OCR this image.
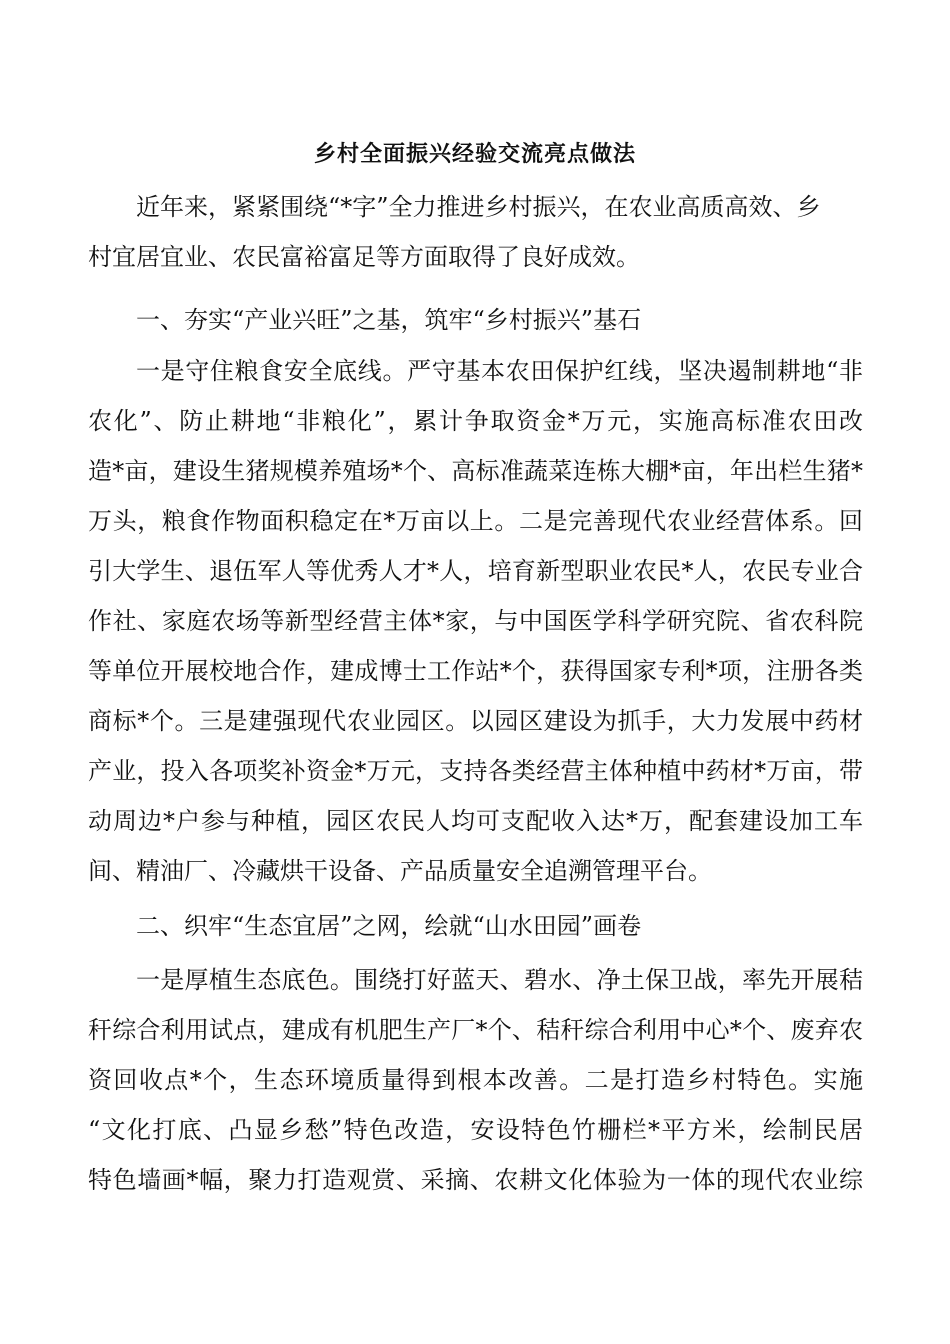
乡村全面振兴经验交流亮点做法
近年来，紧紧围绕“*字”全力推进乡村振兴，在农业高质高效、乡
村宜居宜业、农民富裕富足等方面取得了良好成效。
一、夯实“产业兴旺”之基，筑牢“乡村振兴”基石
一是守住粮食安全底线。严守基本农田保护红线，坚决遏制耕地“非
农化”、防止耕地“非粮化”，累计争取资金*万元，实施高标准农田改
造*亩，建设生猪规模养殖场*个、高标准蔬菜连栋大棚*亩，年出栏生猪*
万头，粮食作物面积稳定在*万亩以上。二是完善现代农业经营体系。回
引大学生、退伍军人等优秀人才*人，培育新型职业农民*人，农民专业合
作社、家庭农场等新型经营主体*家，与中国医学科学研究院、省农科院
等单位开展校地合作，建成博士工作站*个，获得国家专利*项，注册各类
商标*个。三是建强现代农业园区。以园区建设为抓手，大力发展中药材
产业，投入各项奖补资金*万元，支持各类经营主体种植中药材*万亩，带
动周边*户参与种植，园区农民人均可支配收入达*万，配套建设加工车
间、精油厂、冷藏烘干设备、产品质量安全追溯管理平台。
二、织牢“生态宜居”之网，绘就“山水田园”画卷
一是厚植生态底色。围绕打好蓝天、碧水、净土保卫战，率先开展秸
秆综合利用试点，建成有机肥生产厂*个、秸秆综合利用中心*个、废弃农
资回收点*个，生态环境质量得到根本改善。二是打造乡村特色。实施
“文化打底、凸显乡愁”特色改造，安设特色竹栅栏*平方米，绘制民居
特色墙画*幅，聚力打造观赏、采摘、农耕文化体验为一体的现代农业综
